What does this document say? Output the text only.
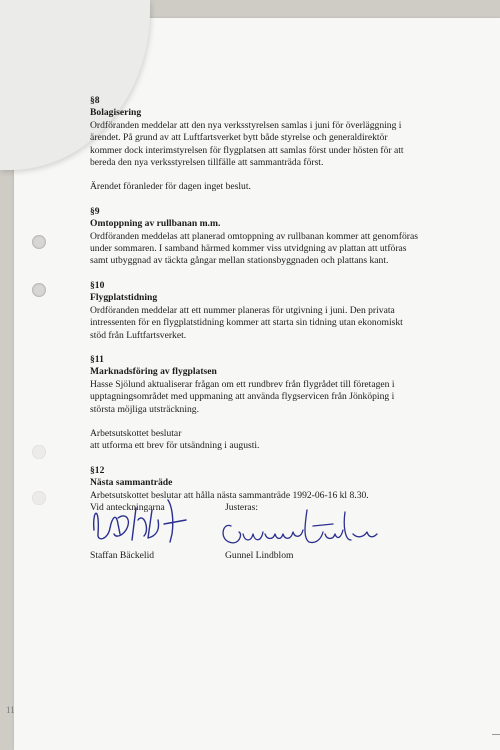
§8
Bolagisering
Ordföranden meddelar att den nya verksstyrelsen samlas i juni för överläggning i
ärendet. På grund av att Luftfartsverket bytt både styrelse och generaldirektör
kommer dock interimstyrelsen för flygplatsen att samlas först under hösten för att
bereda den nya verksstyrelsen tillfälle att sammanträda först.
Ärendet föranleder för dagen inget beslut.
§9
Omtoppning av rullbanan m.m.
Ordföranden meddelas att planerad omtoppning av rullbanan kommer att genomföras
under sommaren. I samband härmed kommer viss utvidgning av plattan att utföras
samt utbyggnad av täckta gångar mellan stationsbyggnaden och plattans kant.
§10
Flygplatstidning
Ordföranden meddelar att ett nummer planeras för utgivning i juni. Den privata
intressenten för en flygplatstidning kommer att starta sin tidning utan ekonomiskt
stöd från Luftfartsverket.
§11
Marknadsföring av flygplatsen
Hasse Sjölund aktualiserar frågan om ett rundbrev från flygrådet till företagen i
upptagningsområdet med uppmaning att använda flygservicen från Jönköping i
största möjliga utsträckning.
Arbetsutskottet beslutar
att utforma ett brev för utsändning i augusti.
§12
Nästa sammanträde
Arbetsutskottet beslutar att hålla nästa sammanträde 1992-06-16 kl 8.30.
Vid anteckningarna
Staffan Bäckelid
Justeras:
Gunnel Lindblom
11
